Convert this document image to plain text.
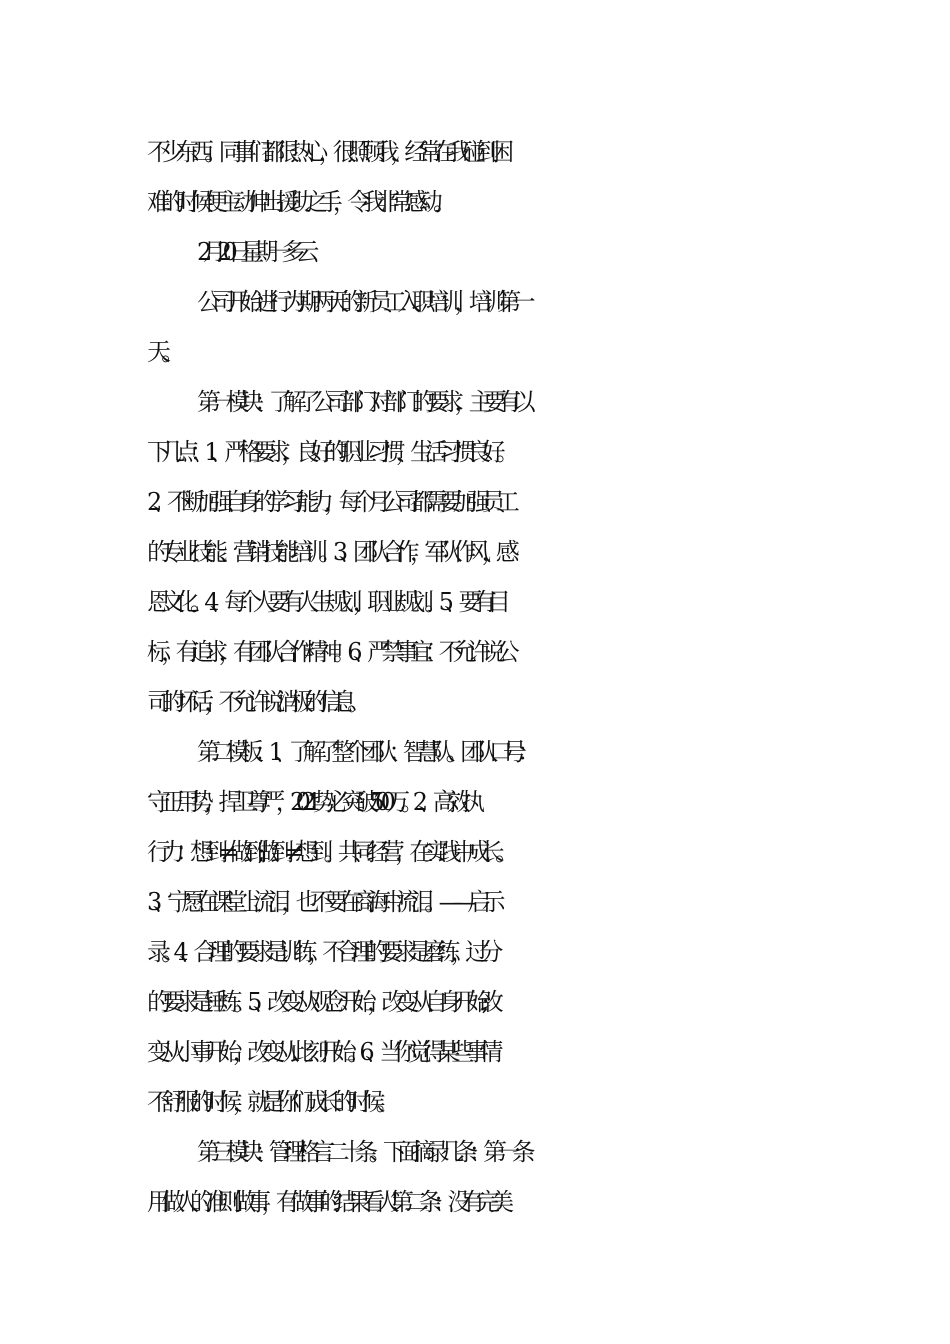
不少东西。同事们都很热心，很照顾我，经常在我碰到困
难的时候便主动伸出援助之手，令我非常感动。
2月20日 星期一 多云
公司开始进行为期两天的新员工入职培训，培训第一
天。
第一模块：了解了公司部门对部门的要求，主要有以
下几点：1、严格要求，良好的职业习惯，生活习惯良好。
2、不断加强自身的学习能力，每个月公司都需要加强员工
的专业技能、营销技能培训。3、团队合作，军队作风，感
恩文化。4、每个人要有人生规划，职业规划。5、要有目
标，有追求，有团队合作精神。6、严禁事宜：不允许说公
司的坏话，不允许说消极的信息。
第二模板：1、了解了整个团队：智慧队。团队口号：
守正用势，捍卫尊严，2021势必突破500万。 2、高效执
行力：想到≠做到;做到≠想到。共同经营，在实践中成长。
3、宁愿在课堂上流泪，也不要在商海中流泪。——启示
录。 4、合理的要求是训练，不合理的要求是磨练，过分
的要求是锤炼。5、改变从观念开始，改变从自身开始;改
变从小事开始，改变从此刻开始。 6、当你觉得某些事情
不舒服的时候，就是你们成长的时候。
第三模块：管理格言二十条。下面摘录几条：第一条
用做人的准则做事，有做事的结果看人!第二条：没有完美
